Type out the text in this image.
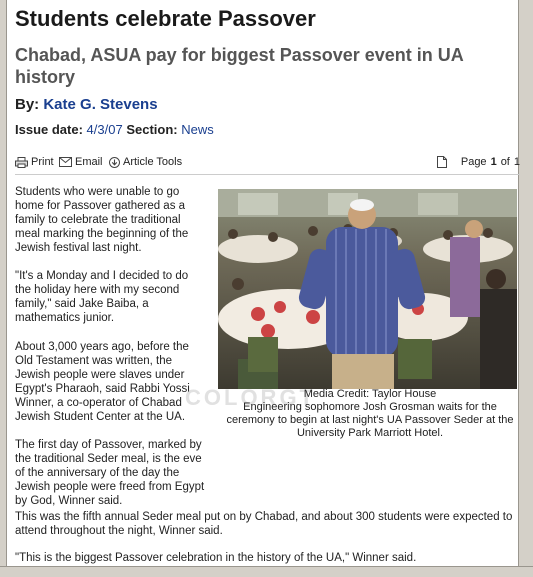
Students celebrate Passover
Chabad, ASUA pay for biggest Passover event in UA history
By: Kate G. Stevens
Issue date: 4/3/07 Section: News
Print Email Article Tools	Page 1 of 1

Students who were unable to go home for Passover gathered as a family to celebrate the traditional meal marking the beginning of the Jewish festival last night.

"It's a Monday and I decided to do the holiday here with my second family," said Jake Baiba, a mathematics junior.

About 3,000 years ago, before the Old Testament was written, the Jewish people were slaves under Egypt's Pharaoh, said Rabbi Yossi Winner, a co-operator of Chabad Jewish Student Center at the UA.

The first day of Passover, marked by the traditional Seder meal, is the eve of the anniversary of the day the Jewish people were freed from Egypt by God, Winner said.

This was the fifth annual Seder meal put on by Chabad, and about 300 students were expected to attend throughout the night, Winner said.

"This is the biggest Passover celebration in the history of the UA," Winner said.

COLORGT
Media Credit: Taylor House
Engineering sophomore Josh Grosman waits for the ceremony to begin at last night's UA Passover Seder at the University Park Marriott Hotel.
